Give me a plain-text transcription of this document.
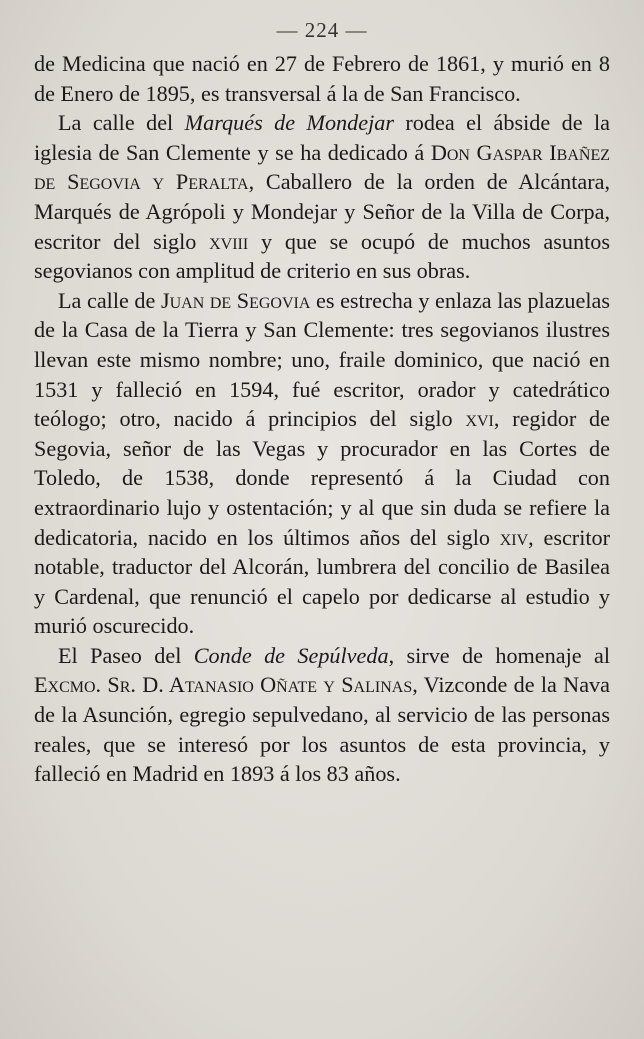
— 224 —

de Medicina que nació en 27 de Febrero de 1861, y murió en 8 de Enero de 1895, es transversal á la de San Francisco.

La calle del Marqués de Mondejar rodea el ábside de la iglesia de San Clemente y se ha dedicado á Don Gaspar Ibañez de Segovia y Peralta, Caballero de la orden de Alcántara, Marqués de Agrópoli y Mondejar y Señor de la Villa de Corpa, escritor del siglo xviii y que se ocupó de muchos asuntos segovianos con amplitud de criterio en sus obras.

La calle de Juan de Segovia es estrecha y enlaza las plazuelas de la Casa de la Tierra y San Clemente: tres segovianos ilustres llevan este mismo nombre; uno, fraile dominico, que nació en 1531 y falleció en 1594, fué escritor, orador y catedrático teólogo; otro, nacido á principios del siglo xvi, regidor de Segovia, señor de las Vegas y procurador en las Cortes de Toledo, de 1538, donde representó á la Ciudad con extraordinario lujo y ostentación; y al que sin duda se refiere la dedicatoria, nacido en los últimos años del siglo xiv, escritor notable, traductor del Alcorán, lumbrera del concilio de Basilea y Cardenal, que renunció el capelo por dedicarse al estudio y murió oscurecido.

El Paseo del Conde de Sepúlveda, sirve de homenaje al Excmo. Sr. D. Atanasio Oñate y Salinas, Vizconde de la Nava de la Asunción, egregio sepulvedano, al servicio de las personas reales, que se interesó por los asuntos de esta provincia, y falleció en Madrid en 1893 á los 83 años.
